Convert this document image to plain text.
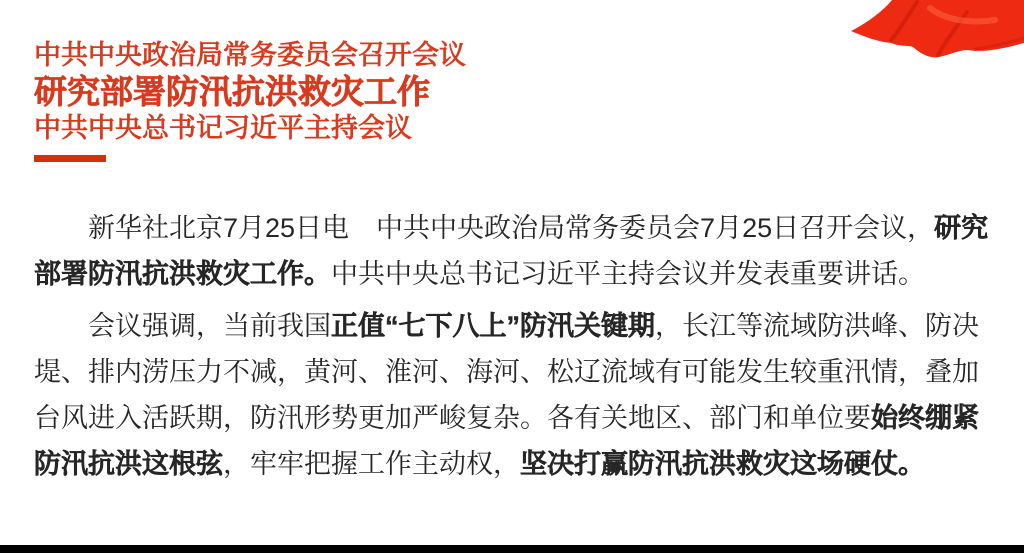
中共中央政治局常务委员会召开会议
研究部署防汛抗洪救灾工作
中共中央总书记习近平主持会议
新华社北京7月25日电　中共中央政治局常务委员会7月25日召开会议，研究
部署防汛抗洪救灾工作。中共中央总书记习近平主持会议并发表重要讲话。
会议强调，当前我国正值“七下八上”防汛关键期，长江等流域防洪峰、防决
堤、排内涝压力不减，黄河、淮河、海河、松辽流域有可能发生较重汛情，叠加
台风进入活跃期，防汛形势更加严峻复杂。各有关地区、部门和单位要始终绷紧
防汛抗洪这根弦，牢牢把握工作主动权，坚决打赢防汛抗洪救灾这场硬仗。
